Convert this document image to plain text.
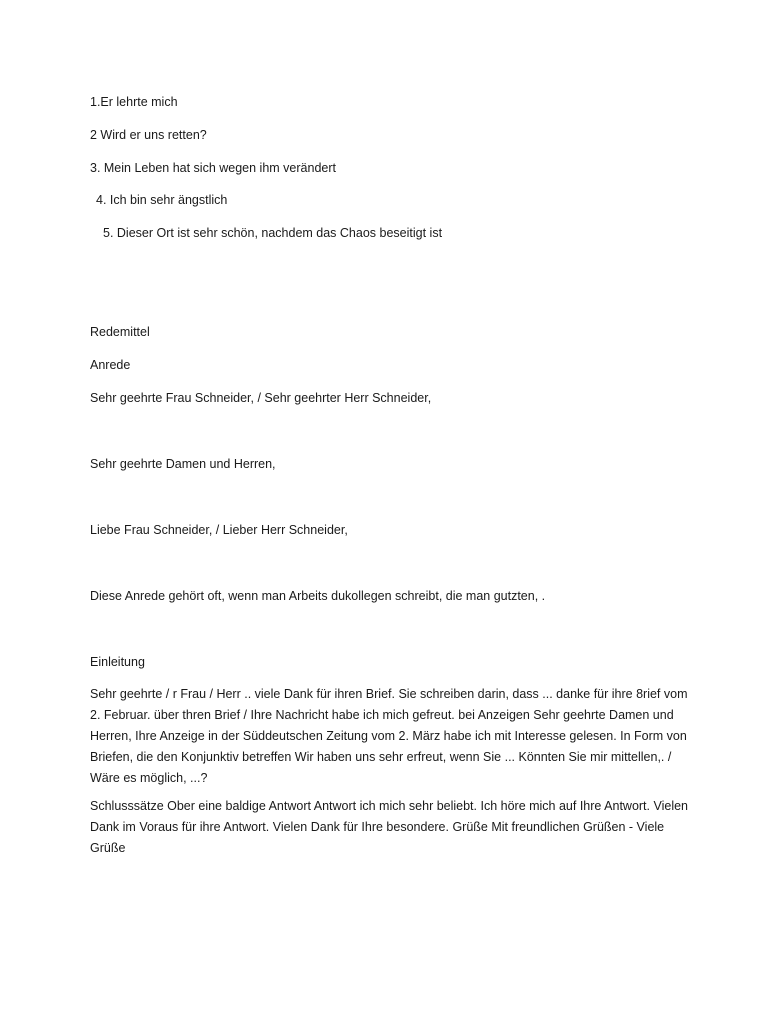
1.Er lehrte mich

2 Wird er uns retten?

3. Mein Leben hat sich wegen ihm verändert

4. Ich bin sehr ängstlich

5. Dieser Ort ist sehr schön, nachdem das Chaos beseitigt ist

Redemittel

Anrede

Sehr geehrte Frau Schneider, / Sehr geehrter Herr Schneider,

Sehr geehrte Damen und Herren,

Liebe Frau Schneider, / Lieber Herr Schneider,

Diese Anrede gehört oft, wenn man Arbeits dukollegen schreibt, die man gutzten, .

Einleitung

Sehr geehrte / r Frau / Herr .. viele Dank für ihren Brief. Sie schreiben darin, dass ... danke für ihre 8rief vom 2. Februar. über thren Brief / Ihre Nachricht habe ich mich gefreut. bei Anzeigen Sehr geehrte Damen und Herren, Ihre Anzeige in der Süddeutschen Zeitung vom 2. März habe ich mit Interesse gelesen. In Form von Briefen, die den Konjunktiv betreffen Wir haben uns sehr erfreut, wenn Sie ... Könnten Sie mir mittellen,. / Wäre es möglich, ...?

Schlusssätze Ober eine baldige Antwort Antwort ich mich sehr beliebt. Ich höre mich auf Ihre Antwort. Vielen Dank im Voraus für ihre Antwort. Vielen Dank für Ihre besondere. Grüße Mit freundlichen Grüßen - Viele Grüße
